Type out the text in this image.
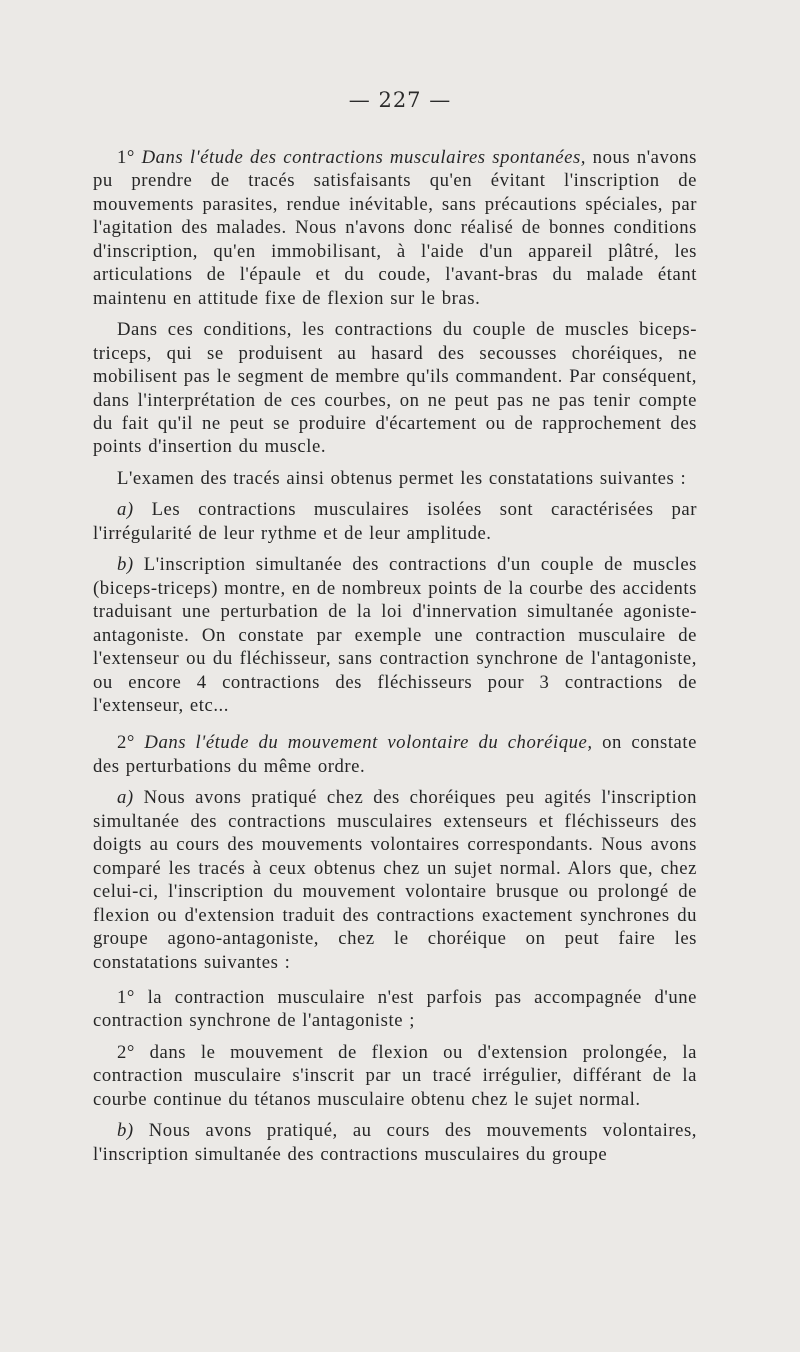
— 227 —

1° Dans l'étude des contractions musculaires spontanées, nous n'avons pu prendre de tracés satisfaisants qu'en évitant l'inscription de mouvements parasites, rendue inévitable, sans précautions spéciales, par l'agitation des malades. Nous n'avons donc réalisé de bonnes conditions d'inscription, qu'en immobilisant, à l'aide d'un appareil plâtré, les articulations de l'épaule et du coude, l'avant-bras du malade étant maintenu en attitude fixe de flexion sur le bras.

Dans ces conditions, les contractions du couple de muscles biceps-triceps, qui se produisent au hasard des secousses choréiques, ne mobilisent pas le segment de membre qu'ils commandent. Par conséquent, dans l'interprétation de ces courbes, on ne peut pas ne pas tenir compte du fait qu'il ne peut se produire d'écartement ou de rapprochement des points d'insertion du muscle.

L'examen des tracés ainsi obtenus permet les constatations suivantes :

a) Les contractions musculaires isolées sont caractérisées par l'irrégularité de leur rythme et de leur amplitude.

b) L'inscription simultanée des contractions d'un couple de muscles (biceps-triceps) montre, en de nombreux points de la courbe des accidents traduisant une perturbation de la loi d'innervation simultanée agoniste-antagoniste. On constate par exemple une contraction musculaire de l'extenseur ou du fléchisseur, sans contraction synchrone de l'antagoniste, ou encore 4 contractions des fléchisseurs pour 3 contractions de l'extenseur, etc...

2° Dans l'étude du mouvement volontaire du choréique, on constate des perturbations du même ordre.

a) Nous avons pratiqué chez des choréiques peu agités l'inscription simultanée des contractions musculaires extenseurs et fléchisseurs des doigts au cours des mouvements volontaires correspondants. Nous avons comparé les tracés à ceux obtenus chez un sujet normal. Alors que, chez celui-ci, l'inscription du mouvement volontaire brusque ou prolongé de flexion ou d'extension traduit des contractions exactement synchrones du groupe agono-antagoniste, chez le choréique on peut faire les constatations suivantes :

1° la contraction musculaire n'est parfois pas accompagnée d'une contraction synchrone de l'antagoniste ;

2° dans le mouvement de flexion ou d'extension prolongée, la contraction musculaire s'inscrit par un tracé irrégulier, différant de la courbe continue du tétanos musculaire obtenu chez le sujet normal.

b) Nous avons pratiqué, au cours des mouvements volontaires, l'inscription simultanée des contractions musculaires du groupe
